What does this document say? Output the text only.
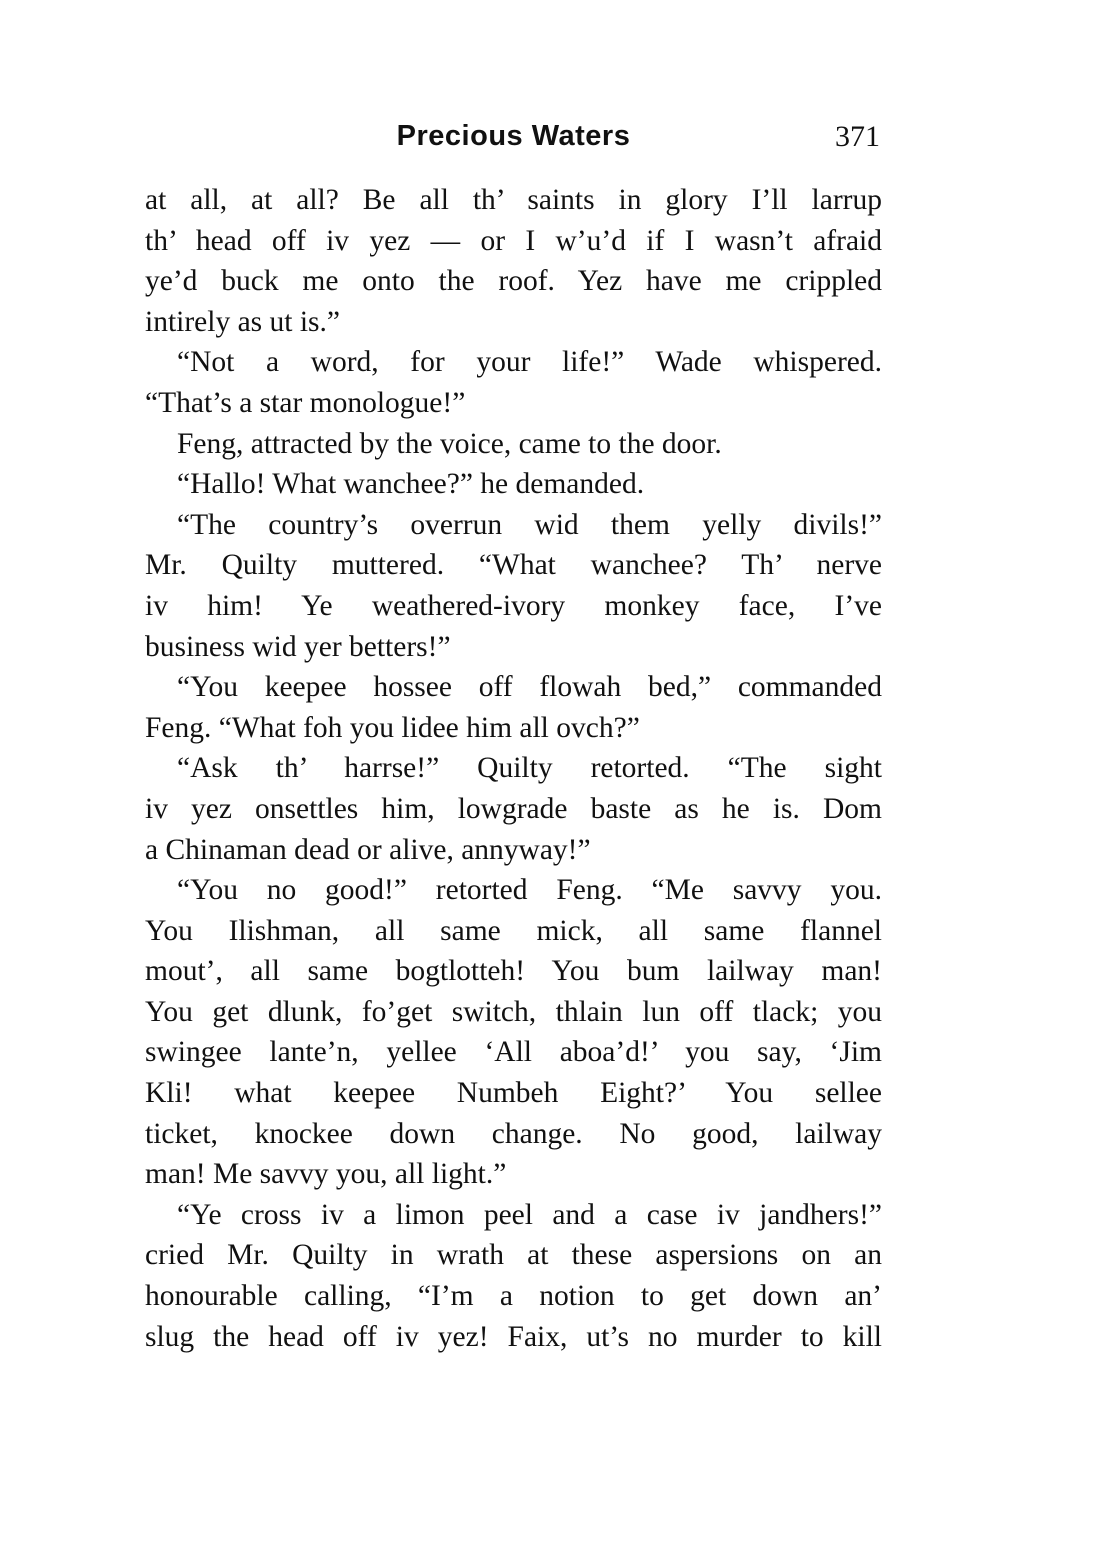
Precious Waters	371
at all, at all? Be all th’ saints in glory I’ll larrup
th’ head off iv yez — or I w’u’d if I wasn’t afraid
ye’d buck me onto the roof. Yez have me crippled
intirely as ut is.”
“Not a word, for your life!” Wade whispered.
“That’s a star monologue!”
Feng, attracted by the voice, came to the door.
“Hallo! What wanchee?” he demanded.
“The country’s overrun wid them yelly divils!”
Mr. Quilty muttered. “What wanchee? Th’ nerve
iv him! Ye weathered-ivory monkey face, I’ve
business wid yer betters!”
“You keepee hossee off flowah bed,” commanded
Feng. “What foh you lidee him all ovch?”
“Ask th’ harrse!” Quilty retorted. “The sight
iv yez onsettles him, lowgrade baste as he is. Dom
a Chinaman dead or alive, annyway!”
“You no good!” retorted Feng. “Me savvy you.
You Ilishman, all same mick, all same flannel
mout’, all same bogtlotteh! You bum lailway man!
You get dlunk, fo’get switch, thlain lun off tlack; you
swingee lante’n, yellee ‘All aboa’d!’ you say, ‘Jim
Kli! what keepee Numbeh Eight?’ You sellee
ticket, knockee down change. No good, lailway
man! Me savvy you, all light.”
“Ye cross iv a limon peel and a case iv jandhers!”
cried Mr. Quilty in wrath at these aspersions on an
honourable calling, “I’m a notion to get down an’
slug the head off iv yez! Faix, ut’s no murder to kill
